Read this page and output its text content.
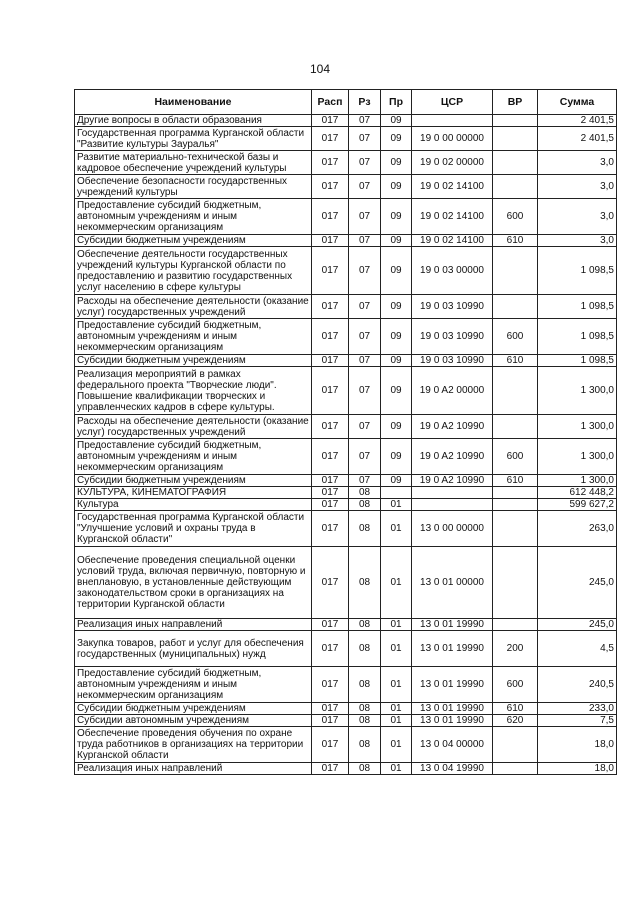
104
Наименование	Расп	Рз	Пр	ЦСР	ВР	Сумма
Другие вопросы в области образования	017	07	09			2 401,5
Государственная программа Курганской области "Развитие культуры Зауралья"	017	07	09	19 0 00 00000		2 401,5
Развитие материально-технической базы и кадровое обеспечение учреждений культуры	017	07	09	19 0 02 00000		3,0
Обеспечение безопасности государственных учреждений культуры	017	07	09	19 0 02 14100		3,0
Предоставление субсидий бюджетным, автономным учреждениям и иным некоммерческим организациям	017	07	09	19 0 02 14100	600	3,0
Субсидии бюджетным учреждениям	017	07	09	19 0 02 14100	610	3,0
Обеспечение деятельности государственных учреждений культуры Курганской области по предоставлению и развитию государственных услуг населению в сфере культуры	017	07	09	19 0 03 00000		1 098,5
Расходы на обеспечение деятельности (оказание услуг) государственных учреждений	017	07	09	19 0 03 10990		1 098,5
Предоставление субсидий бюджетным, автономным учреждениям и иным некоммерческим организациям	017	07	09	19 0 03 10990	600	1 098,5
Субсидии бюджетным учреждениям	017	07	09	19 0 03 10990	610	1 098,5
Реализация мероприятий в рамках федерального проекта "Творческие люди". Повышение квалификации творческих и управленческих кадров в сфере культуры.	017	07	09	19 0 A2 00000		1 300,0
Расходы на обеспечение деятельности (оказание услуг) государственных учреждений	017	07	09	19 0 A2 10990		1 300,0
Предоставление субсидий бюджетным, автономным учреждениям и иным некоммерческим организациям	017	07	09	19 0 A2 10990	600	1 300,0
Субсидии бюджетным учреждениям	017	07	09	19 0 A2 10990	610	1 300,0
КУЛЬТУРА, КИНЕМАТОГРАФИЯ	017	08				612 448,2
Культура	017	08	01			599 627,2
Государственная программа Курганской области "Улучшение условий и охраны труда в Курганской области"	017	08	01	13 0 00 00000		263,0
Обеспечение проведения специальной оценки условий труда, включая первичную, повторную и внеплановую, в установленные действующим законодательством сроки в организациях на территории Курганской области	017	08	01	13 0 01 00000		245,0
Реализация иных направлений	017	08	01	13 0 01 19990		245,0
Закупка товаров, работ и услуг для обеспечения государственных (муниципальных) нужд	017	08	01	13 0 01 19990	200	4,5
Предоставление субсидий бюджетным, автономным учреждениям и иным некоммерческим организациям	017	08	01	13 0 01 19990	600	240,5
Субсидии бюджетным учреждениям	017	08	01	13 0 01 19990	610	233,0
Субсидии автономным учреждениям	017	08	01	13 0 01 19990	620	7,5
Обеспечение проведения обучения по охране труда работников в организациях на территории Курганской области	017	08	01	13 0 04 00000		18,0
Реализация иных направлений	017	08	01	13 0 04 19990		18,0
